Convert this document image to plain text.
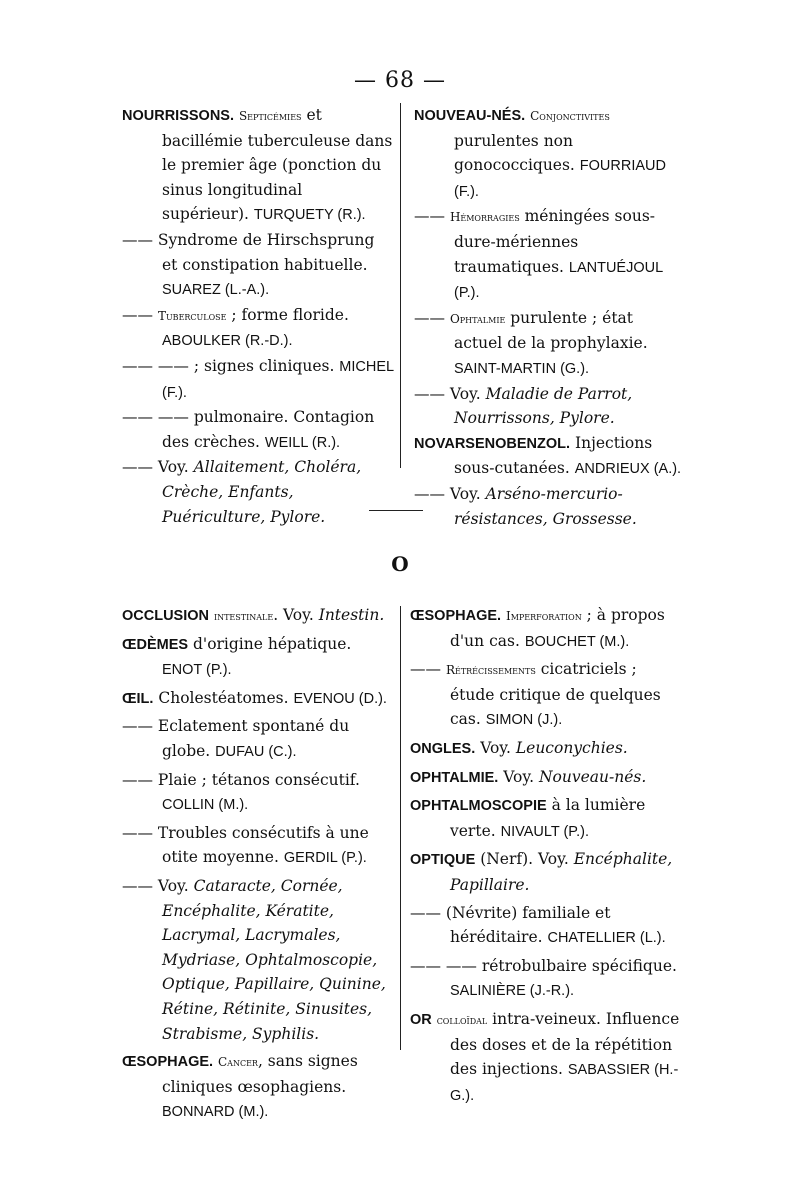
— 68 —

NOURRISSONS. Septicémies et bacillémie tuberculeuse dans le premier âge (ponction du sinus longitudinal supérieur). TURQUETY (R.).

—— Syndrome de Hirschsprung et constipation habituelle. SUAREZ (L.-A.).

—— Tuberculose ; forme floride. ABOULKER (R.-D.).

—— —— ; signes cliniques. MICHEL (F.).

—— —— pulmonaire. Contagion des crèches. WEILL (R.).

—— Voy. Allaitement, Choléra, Crèche, Enfants, Puériculture, Pylore.

NOUVEAU-NÉS. Conjonctivites purulentes non gonococciques. FOURRIAUD (F.).

—— Hémorragies méningées sous-dure-mériennes traumatiques. LANTUÉJOUL (P.).

—— Ophtalmie purulente ; état actuel de la prophylaxie. SAINT-MARTIN (G.).

—— Voy. Maladie de Parrot, Nourrissons, Pylore.

NOVARSENOBENZOL. Injections sous-cutanées. ANDRIEUX (A.).

—— Voy. Arséno-mercurio-résistances, Grossesse.

O

OCCLUSION intestinale. Voy. Intestin.

ŒDÈMES d'origine hépatique. ENOT (P.).

ŒIL. Cholestéatomes. EVENOU (D.).

—— Eclatement spontané du globe. DUFAU (C.).

—— Plaie ; tétanos consécutif. COLLIN (M.).

—— Troubles consécutifs à une otite moyenne. GERDIL (P.).

—— Voy. Cataracte, Cornée, Encéphalite, Kératite, Lacrymal, Lacrymales, Mydriase, Ophtalmoscopie, Optique, Papillaire, Quinine, Rétine, Rétinite, Sinusites, Strabisme, Syphilis.

ŒSOPHAGE. Cancer, sans signes cliniques œsophagiens. BONNARD (M.).

ŒSOPHAGE. Imperforation ; à propos d'un cas. BOUCHET (M.).

—— Rétrécissements cicatriciels ; étude critique de quelques cas. SIMON (J.).

ONGLES. Voy. Leuconychies.

OPHTALMIE. Voy. Nouveau-nés.

OPHTALMOSCOPIE à la lumière verte. NIVAULT (P.).

OPTIQUE (Nerf). Voy. Encéphalite, Papillaire.

—— (Névrite) familiale et héréditaire. CHATELLIER (L.).

—— —— rétrobulbaire spécifique. SALINIÈRE (J.-R.).

OR colloïdal intra-veineux. Influence des doses et de la répétition des injections. SABASSIER (H.-G.).
